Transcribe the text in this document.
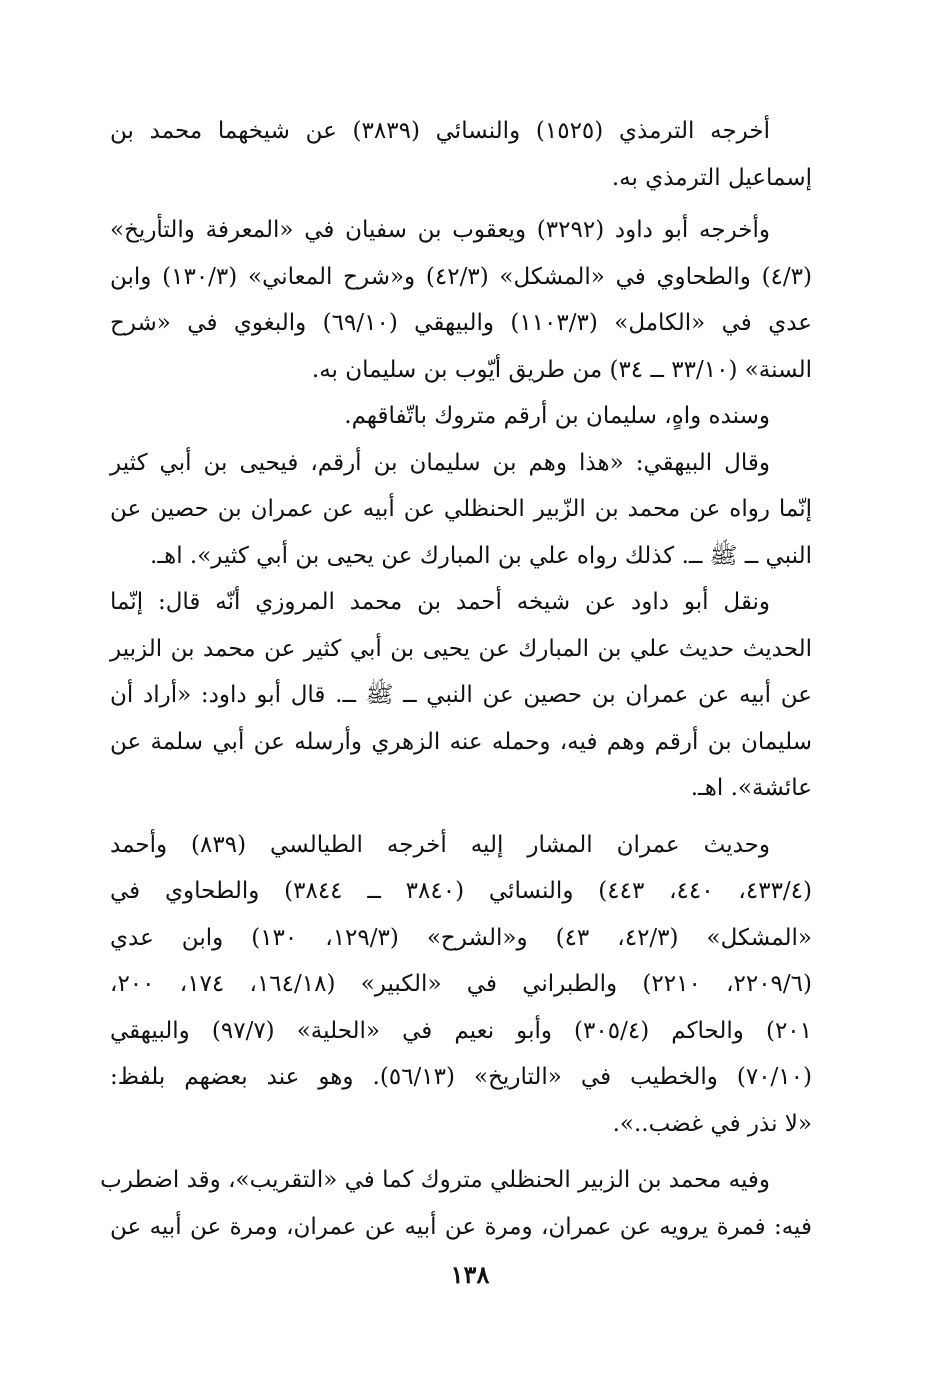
أخرجه الترمذي (١٥٢٥) والنسائي (٣٨٣٩) عن شيخهما محمد بن
إسماعيل الترمذي به.
وأخرجه أبو داود (٣٢٩٢) ويعقوب بن سفيان في «المعرفة والتأريخ»
(٤/٣) والطحاوي في «المشكل» (٤٢/٣) و«شرح المعاني» (١٣٠/٣) وابن
عدي في «الكامل» (١١٠٣/٣) والبيهقي (٦٩/١٠) والبغوي في «شرح
السنة» (٣٣/١٠ ــ ٣٤) من طريق أيّوب بن سليمان به.
وسنده واهٍ، سليمان بن أرقم متروك باتّفاقهم.
وقال البيهقي: «هذا وهم بن سليمان بن أرقم، فيحيى بن أبي كثير
إنّما رواه عن محمد بن الزّبير الحنظلي عن أبيه عن عمران بن حصين عن
النبي ــ ﷺ ــ. كذلك رواه علي بن المبارك عن يحيى بن أبي كثير». اهـ.
ونقل أبو داود عن شيخه أحمد بن محمد المروزي أنّه قال: إنّما
الحديث حديث علي بن المبارك عن يحيى بن أبي كثير عن محمد بن الزبير
عن أبيه عن عمران بن حصين عن النبي ــ ﷺ ــ. قال أبو داود: «أراد أن
سليمان بن أرقم وهم فيه، وحمله عنه الزهري وأرسله عن أبي سلمة عن
عائشة». اهـ.
وحديث عمران المشار إليه أخرجه الطيالسي (٨٣٩) وأحمد
(٤٣٣/٤، ٤٤٠، ٤٤٣) والنسائي (٣٨٤٠ ــ ٣٨٤٤) والطحاوي في
«المشكل» (٤٢/٣، ٤٣) و«الشرح» (١٢٩/٣، ١٣٠) وابن عدي
(٢٢٠٩/٦، ٢٢١٠) والطبراني في «الكبير» (١٦٤/١٨، ١٧٤، ٢٠٠،
٢٠١) والحاكم (٣٠٥/٤) وأبو نعيم في «الحلية» (٩٧/٧) والبيهقي
(٧٠/١٠) والخطيب في «التاريخ» (٥٦/١٣). وهو عند بعضهم بلفظ:
«لا نذر في غضب..».
وفيه محمد بن الزبير الحنظلي متروك كما في «التقريب»، وقد اضطرب
فيه: فمرة يرويه عن عمران، ومرة عن أبيه عن عمران، ومرة عن أبيه عن
١٣٨
